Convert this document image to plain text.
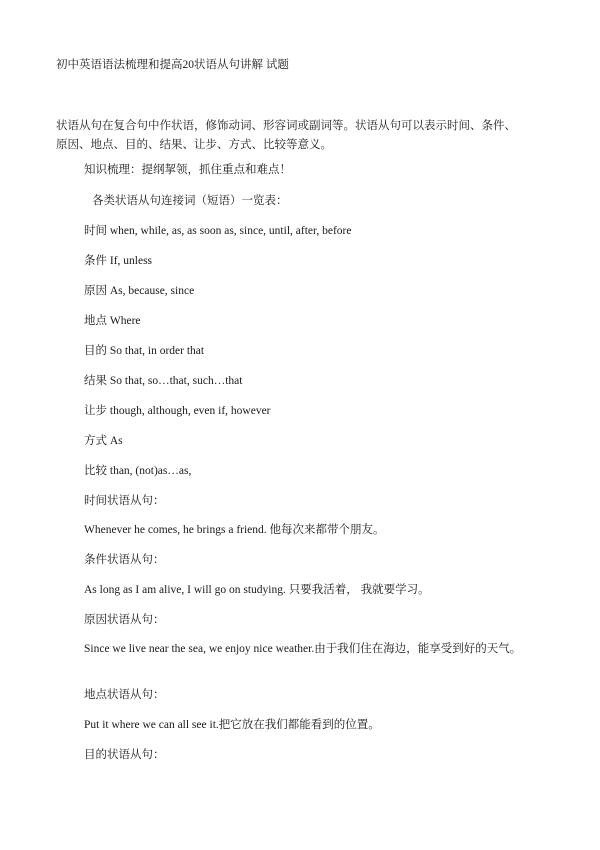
初中英语语法梳理和提高20状语从句讲解 试题
状语从句在复合句中作状语，修饰动词、形容词或副词等。状语从句可以表示时间、条件、原因、地点、目的、结果、让步、方式、比较等意义。
知识梳理：提纲挈领，抓住重点和难点！
各类状语从句连接词（短语）一览表：
时间 when, while, as, as soon as, since, until, after, before
条件 If, unless
原因 As, because, since
地点 Where
目的 So that, in order that
结果 So that, so…that, such…that
让步 though, although, even if, however
方式 As
比较 than, (not)as…as,
时间状语从句：
Whenever he comes, he brings a friend. 他每次来都带个朋友。
条件状语从句：
As long as I am alive, I will go on studying. 只要我活着， 我就要学习。
原因状语从句：
Since we live near the sea, we enjoy nice weather.由于我们住在海边，能享受到好的天气。
地点状语从句：
Put it where we can all see it.把它放在我们都能看到的位置。
目的状语从句：
